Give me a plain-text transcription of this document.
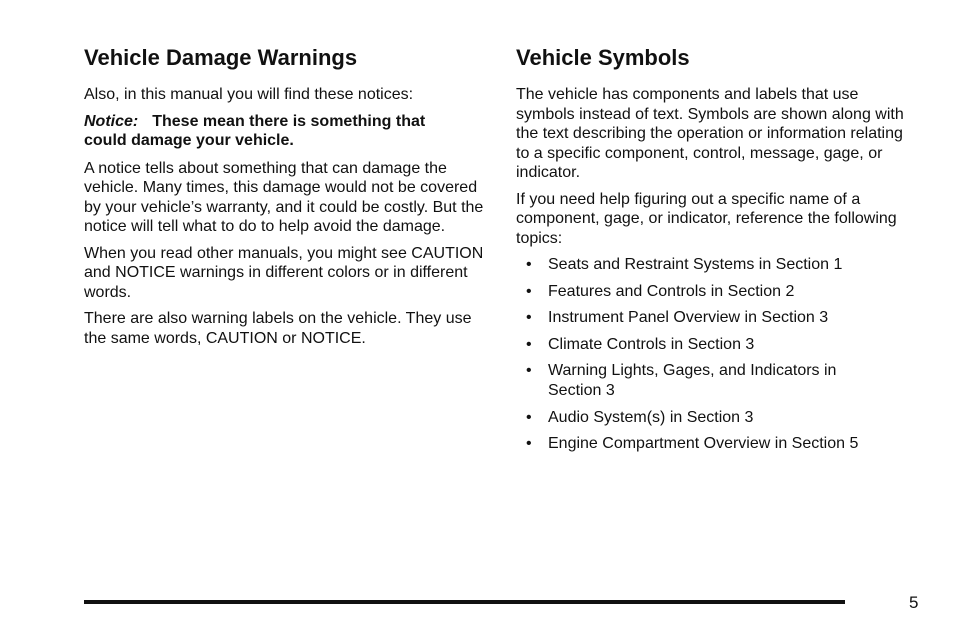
Vehicle Damage Warnings

Also, in this manual you will find these notices:

Notice: These mean there is something that could damage your vehicle.

A notice tells about something that can damage the vehicle. Many times, this damage would not be covered by your vehicle’s warranty, and it could be costly. But the notice will tell what to do to help avoid the damage.

When you read other manuals, you might see CAUTION and NOTICE warnings in different colors or in different words.

There are also warning labels on the vehicle. They use the same words, CAUTION or NOTICE.

Vehicle Symbols

The vehicle has components and labels that use symbols instead of text. Symbols are shown along with the text describing the operation or information relating to a specific component, control, message, gage, or indicator.

If you need help figuring out a specific name of a component, gage, or indicator, reference the following topics:

• Seats and Restraint Systems in Section 1
• Features and Controls in Section 2
• Instrument Panel Overview in Section 3
• Climate Controls in Section 3
• Warning Lights, Gages, and Indicators in Section 3
• Audio System(s) in Section 3
• Engine Compartment Overview in Section 5
5
